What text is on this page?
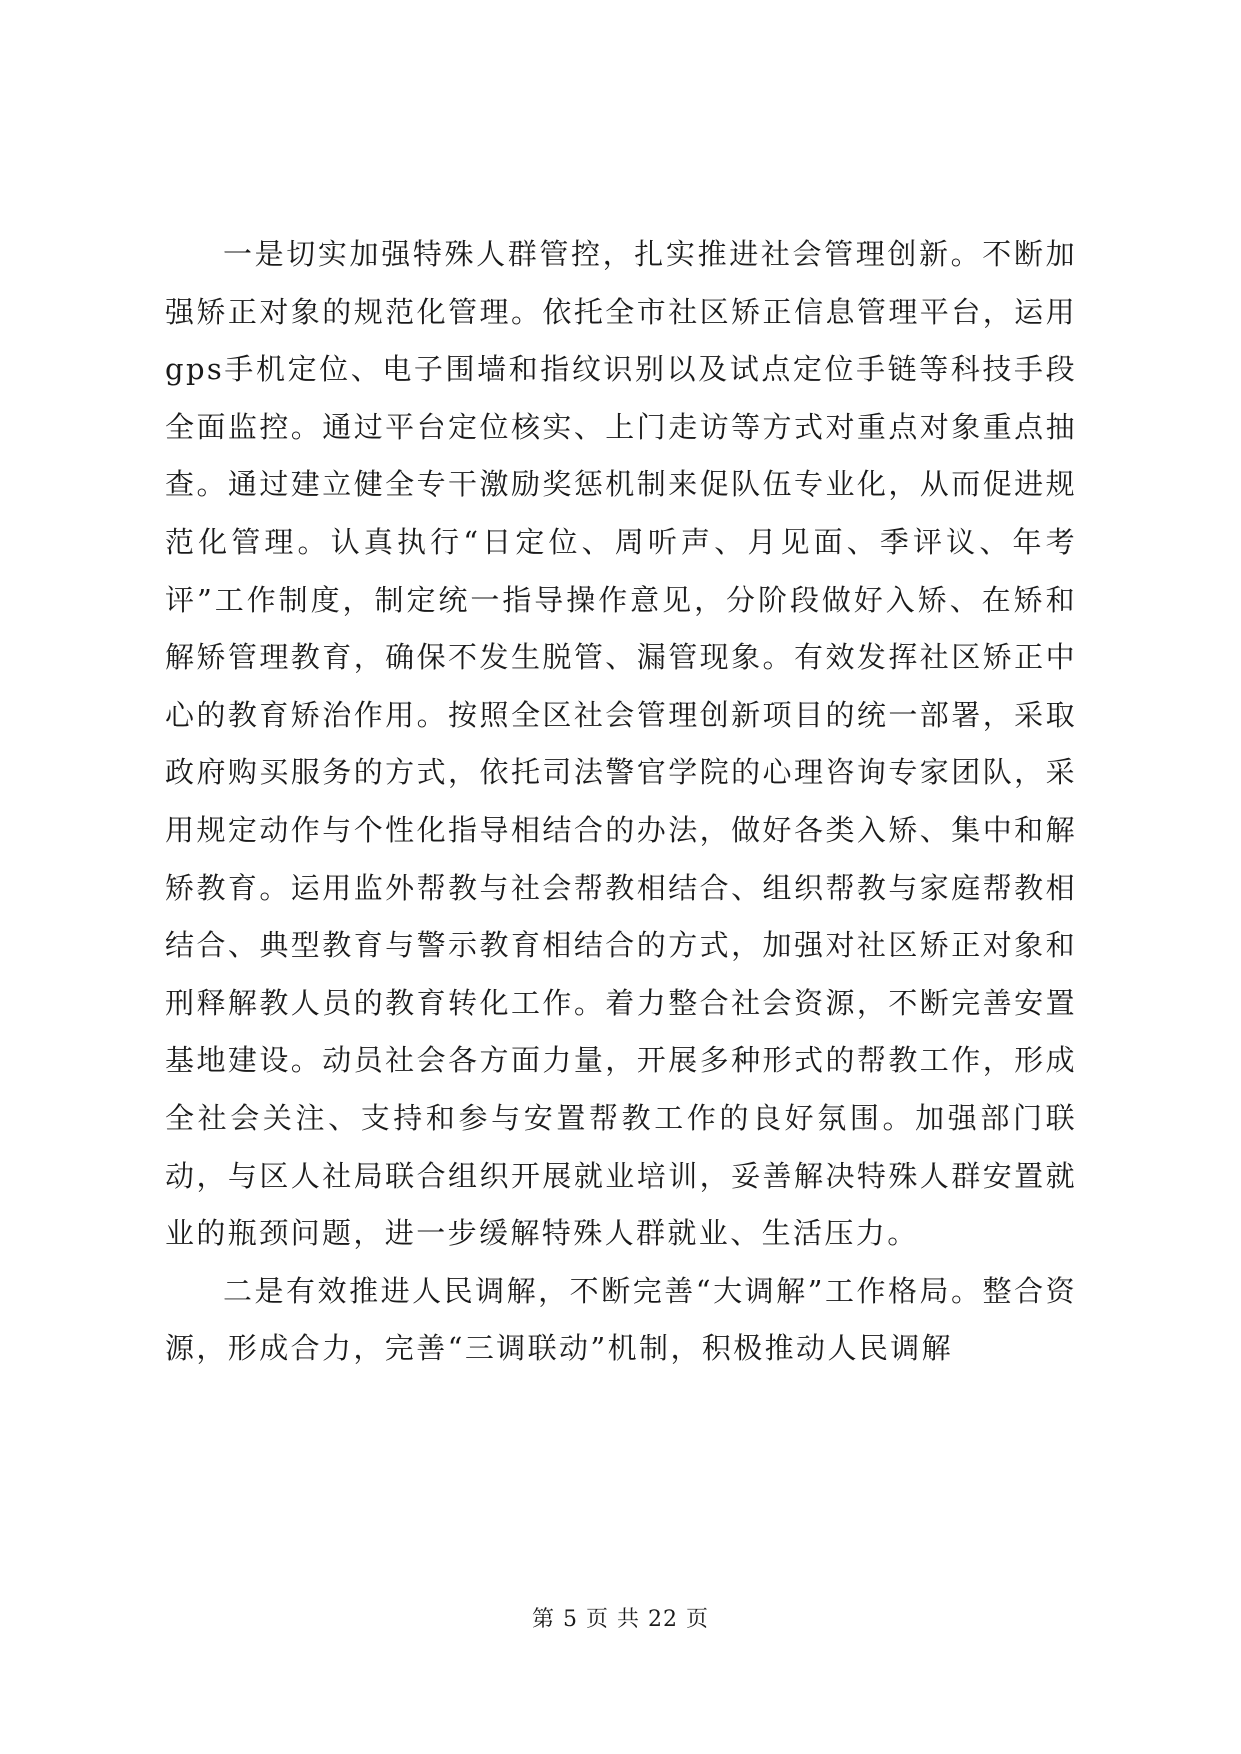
一是切实加强特殊人群管控，扎实推进社会管理创新。不断加强矫正对象的规范化管理。依托全市社区矫正信息管理平台，运用gps手机定位、电子围墙和指纹识别以及试点定位手链等科技手段全面监控。通过平台定位核实、上门走访等方式对重点对象重点抽查。通过建立健全专干激励奖惩机制来促队伍专业化，从而促进规范化管理。认真执行“日定位、周听声、月见面、季评议、年考评”工作制度，制定统一指导操作意见，分阶段做好入矫、在矫和解矫管理教育，确保不发生脱管、漏管现象。有效发挥社区矫正中心的教育矫治作用。按照全区社会管理创新项目的统一部署，采取政府购买服务的方式，依托司法警官学院的心理咨询专家团队，采用规定动作与个性化指导相结合的办法，做好各类入矫、集中和解矫教育。运用监外帮教与社会帮教相结合、组织帮教与家庭帮教相结合、典型教育与警示教育相结合的方式，加强对社区矫正对象和刑释解教人员的教育转化工作。着力整合社会资源，不断完善安置基地建设。动员社会各方面力量，开展多种形式的帮教工作，形成全社会关注、支持和参与安置帮教工作的良好氛围。加强部门联动，与区人社局联合组织开展就业培训，妥善解决特殊人群安置就业的瓶颈问题，进一步缓解特殊人群就业、生活压力。

二是有效推进人民调解，不断完善“大调解”工作格局。整合资源，形成合力，完善“三调联动”机制，积极推动人民调解

第 5 页 共 22 页
